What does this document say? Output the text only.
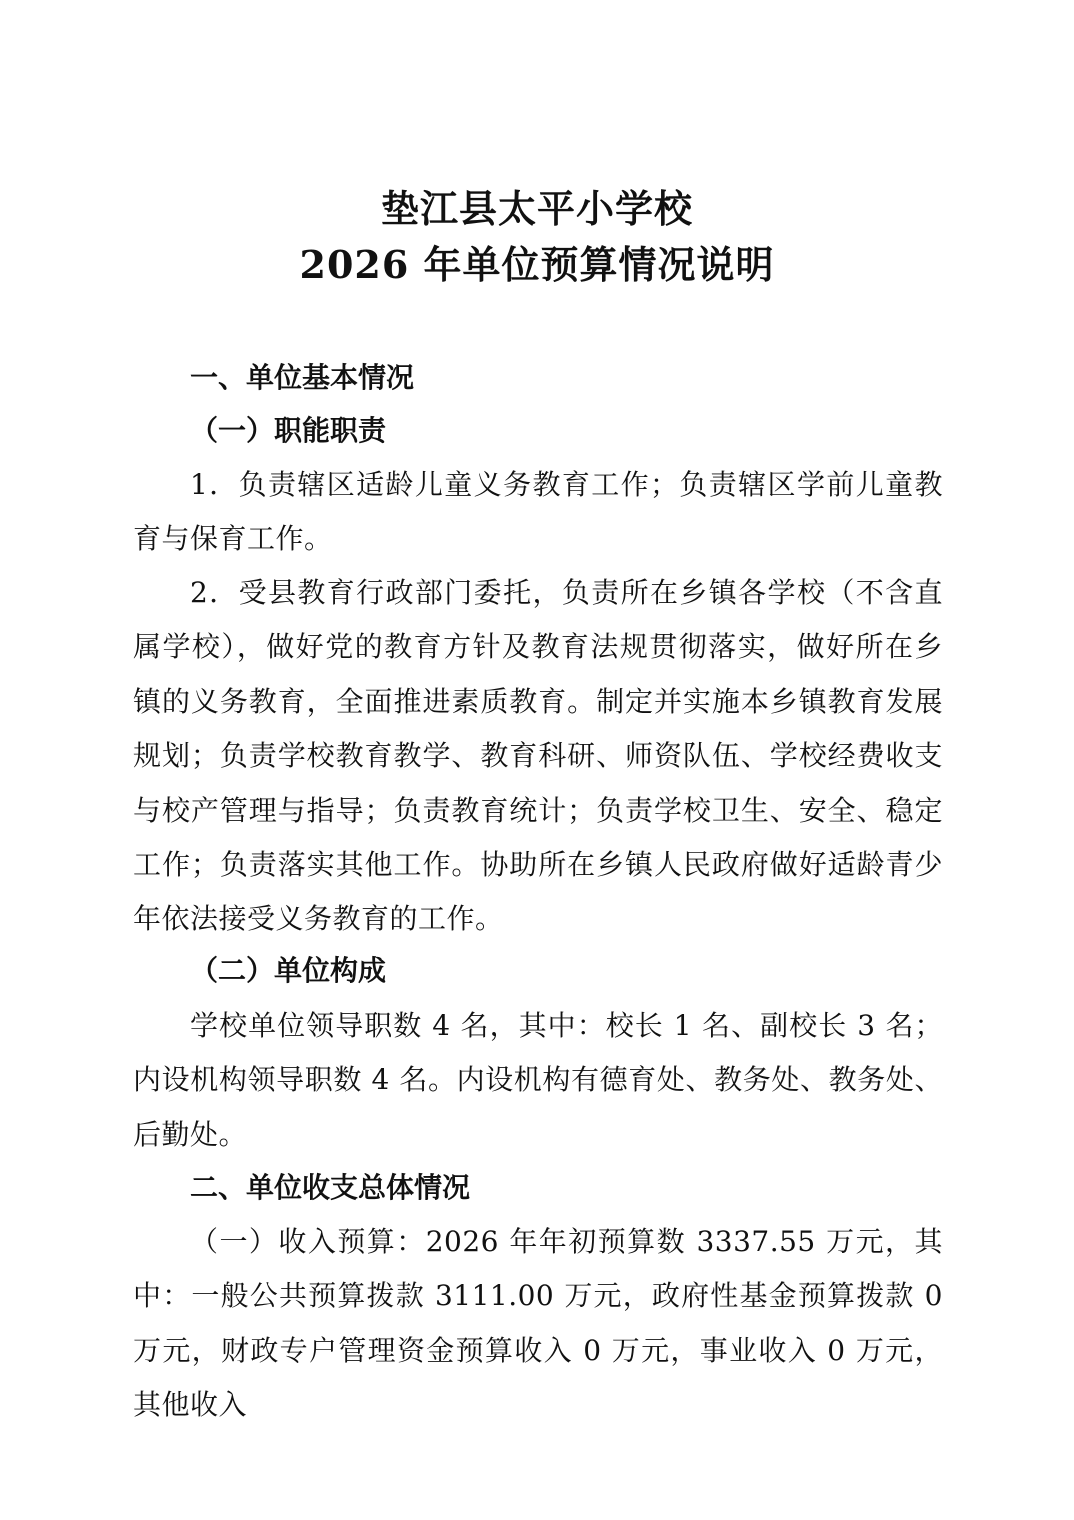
垫江县太平小学校
2026 年单位预算情况说明
一、单位基本情况
（一）职能职责
1．负责辖区适龄儿童义务教育工作；负责辖区学前儿童教育与保育工作。
2．受县教育行政部门委托，负责所在乡镇各学校（不含直属学校），做好党的教育方针及教育法规贯彻落实，做好所在乡镇的义务教育，全面推进素质教育。制定并实施本乡镇教育发展规划；负责学校教育教学、教育科研、师资队伍、学校经费收支与校产管理与指导；负责教育统计；负责学校卫生、安全、稳定工作；负责落实其他工作。协助所在乡镇人民政府做好适龄青少年依法接受义务教育的工作。
（二）单位构成
学校单位领导职数 4 名，其中：校长 1 名、副校长 3 名；内设机构领导职数 4 名。内设机构有德育处、教务处、教务处、后勤处。
二、单位收支总体情况
（一）收入预算：2026 年年初预算数 3337.55 万元，其中：一般公共预算拨款 3111.00 万元，政府性基金预算拨款 0 万元，财政专户管理资金预算收入 0 万元，事业收入 0 万元，其他收入
